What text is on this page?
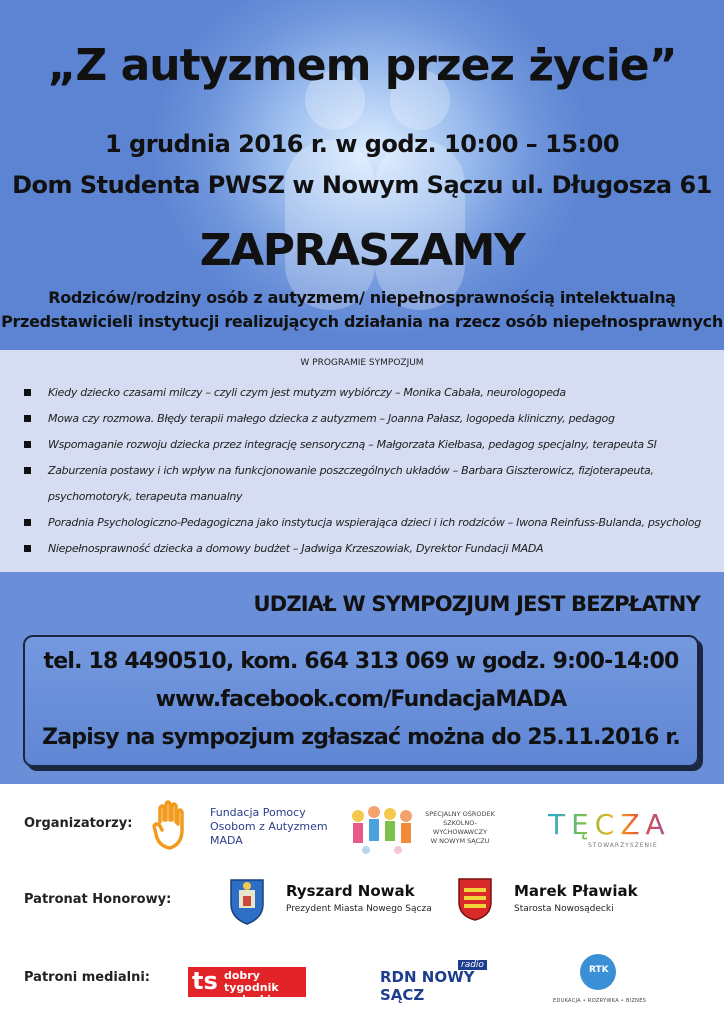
„Z autyzmem przez życie”
1 grudnia 2016 r. w godz. 10:00 – 15:00
Dom Studenta PWSZ w Nowym Sączu ul. Długosza 61
ZAPRASZAMY
Rodziców/rodziny osób z autyzmem/ niepełnosprawnością intelektualną
Przedstawicieli instytucji realizujących działania na rzecz osób niepełnosprawnych
W PROGRAMIE SYMPOZJUM
Kiedy dziecko czasami milczy – czyli czym jest mutyzm wybiórczy – Monika Cabała, neurologopeda
Mowa czy rozmowa. Błędy terapii małego dziecka z autyzmem – Joanna Pałasz, logopeda kliniczny, pedagog
Wspomaganie rozwoju dziecka przez integrację sensoryczną – Małgorzata Kiełbasa, pedagog specjalny, terapeuta SI
Zaburzenia postawy i ich wpływ na funkcjonowanie poszczególnych układów – Barbara Giszterowicz, fizjoterapeuta,
psychomotoryk, terapeuta manualny
Poradnia Psychologiczno-Pedagogiczna jako instytucja wspierająca dzieci i ich rodziców – Iwona Reinfuss-Bulanda, psycholog
Niepełnosprawność dziecka a domowy budżet – Jadwiga Krzeszowiak, Dyrektor Fundacji MADA
UDZIAŁ W SYMPOZJUM JEST BEZPŁATNY
tel. 18 4490510, kom. 664 313 069 w godz. 9:00-14:00
www.facebook.com/FundacjaMADA
Zapisy na sympozjum zgłaszać można do 25.11.2016 r.
Organizatorzy:
Patronat Honorowy:
Patroni medialni:
Fundacja Pomocy
Osobom z Autyzmem
MADA
SPECJALNY OŚRODEK
SZKOLNO-WYCHOWAWCZY
W NOWYM SĄCZU TĘCZA
STOWARZYSZENIE
Ryszard Nowak
Prezydent Miasta Nowego Sącza
Marek Pławiak
Starosta Nowosądecki
ts dobry tygodnik
sądecki
radio
RDN NOWY SĄCZ
RTK
EDUKACJA • ROZRYWKA • BIZNES
